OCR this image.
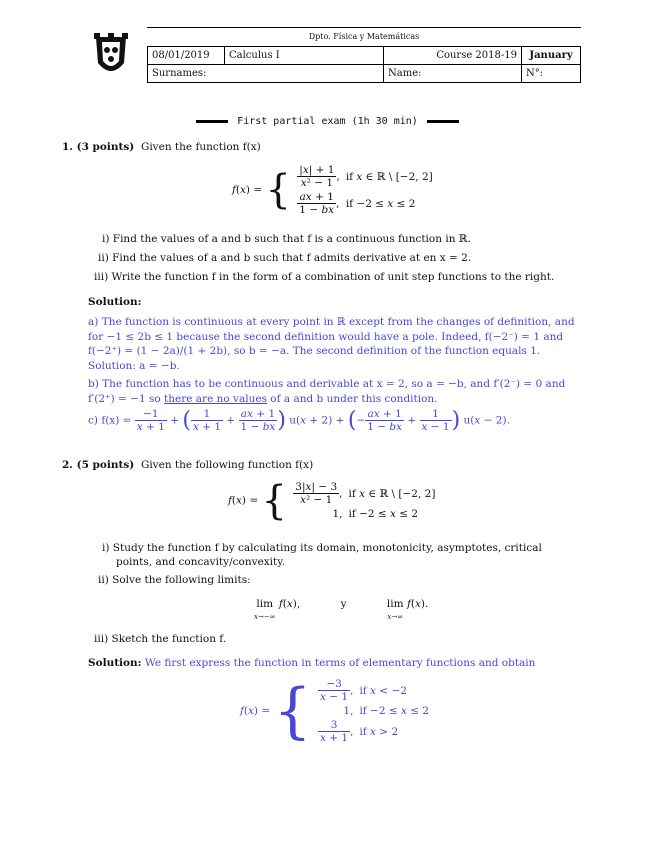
Dpto. Física y Matemáticas
08/01/2019	Calculus I	Course 2018-19	January
Surnames:		Name:	N°:
First partial exam (1h 30 min)
1. (3 points) Given the function f(x)
f(x) = { $\frac{|x| + 1}{\text{x² − 1}}$ ,	if x ∈ ℝ \ [−2, 2]

$\frac{ax + 1}{1 - bx}$ ,	if −2 ≤ x ≤ 2
i) Find the values of a and b such that f is a continuous function in ℝ.
ii) Find the values of a and b such that f admits derivative at en x = 2.
iii) Write the function f in the form of a combination of unit step functions to the right.
Solution:
a) The function is continuous at every point in ℝ except from the changes of definition, and
for −1 ≤ 2b ≤ 1 because the second definition would have a pole. Indeed, f(−2⁻) = 1 and
f(−2⁺) = (1 − 2a)/(1 + 2b), so b = −a. The second definition of the function equals 1.
Solution: a = −b.
b) The function has to be continuous and derivable at x = 2, so a = −b, and f′(2⁻) = 0 and
f′(2⁺) = −1 so there are no values of a and b under this condition.
c) $f(x) = \frac{-1}{x + 1}$ + ( $\frac{1}{x + 1} + \frac{ax + 1}{1 - bx}$ ) u(x + 2) + (− $\frac{ax + 1}{1 - bx} + \frac{1}{x - 1}$ ) u(x − 2).
2. (5 points) Given the following function f(x)
f(x) = { $\frac{3|x| - 3}{\text{x² − 1}}$ ,	if x ∈ ℝ \ [−2, 2]
1,	if −2 ≤ x ≤ 2
i) Study the function f by calculating its domain, monotonicity, asymptotes, critical
points, and concavity/convexity.
ii) Solve the following limits:
lim
x→−∞ f(x),	y	lim
x→∞ f(x).
iii) Sketch the function f.
Solution: We first express the function in terms of elementary functions and obtain
f(x) = { $\frac{-3}{x - 1}$ ,	if x < −2
1,	if −2 ≤ x ≤ 2

$\frac{3}{x + 1}$ ,	if x > 2
